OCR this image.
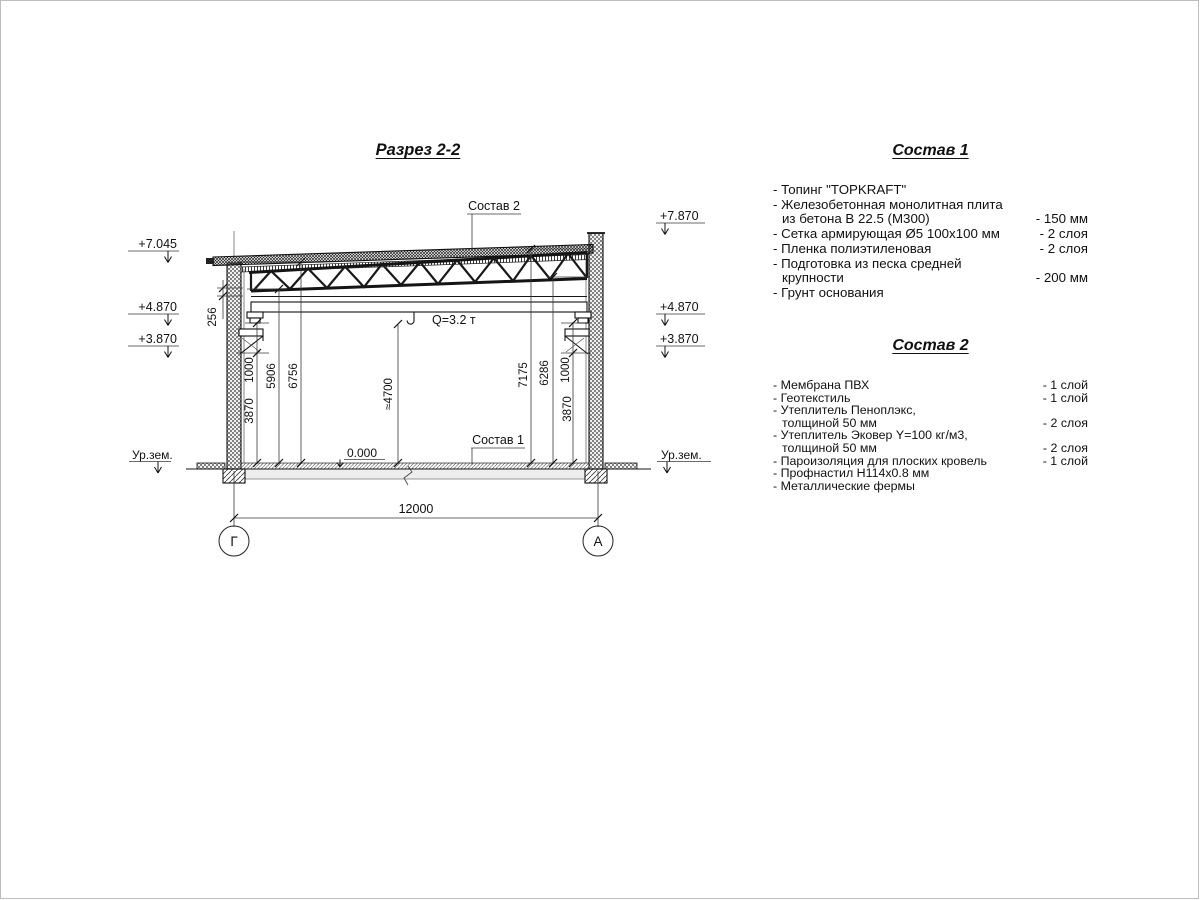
Разрез 2-2
Q=3.2 т
256
1000
3870
5906 6756
≈4700
7175 6286 1000
3870
12000
Г	А
+7.045
+4.870
+3.870
Ур.зем.
+7.870
+4.870
+3.870
Ур.зем.
Состав 2
Состав 1
0.000
Состав 1
- Топинг "TOPKRAFT"
- Железобетонная монолитная плита
из бетона В 22.5 (М300)	- 150 мм
- Сетка армирующая Ø5 100х100 мм	- 2 слоя
- Пленка полиэтиленовая	- 2 слоя
- Подготовка из песка средней
крупности	- 200 мм
- Грунт основания
Состав 2
- Мембрана ПВХ	- 1 слой
- Геотекстиль	- 1 слой
- Утеплитель Пеноплэкс,
толщиной 50 мм	- 2 слоя
- Утеплитель Эковер Y=100 кг/м3,
толщиной 50 мм	- 2 слоя
- Пароизоляция для плоских кровель	- 1 слой
- Профнастил Н114х0.8 мм
- Металлические фермы
